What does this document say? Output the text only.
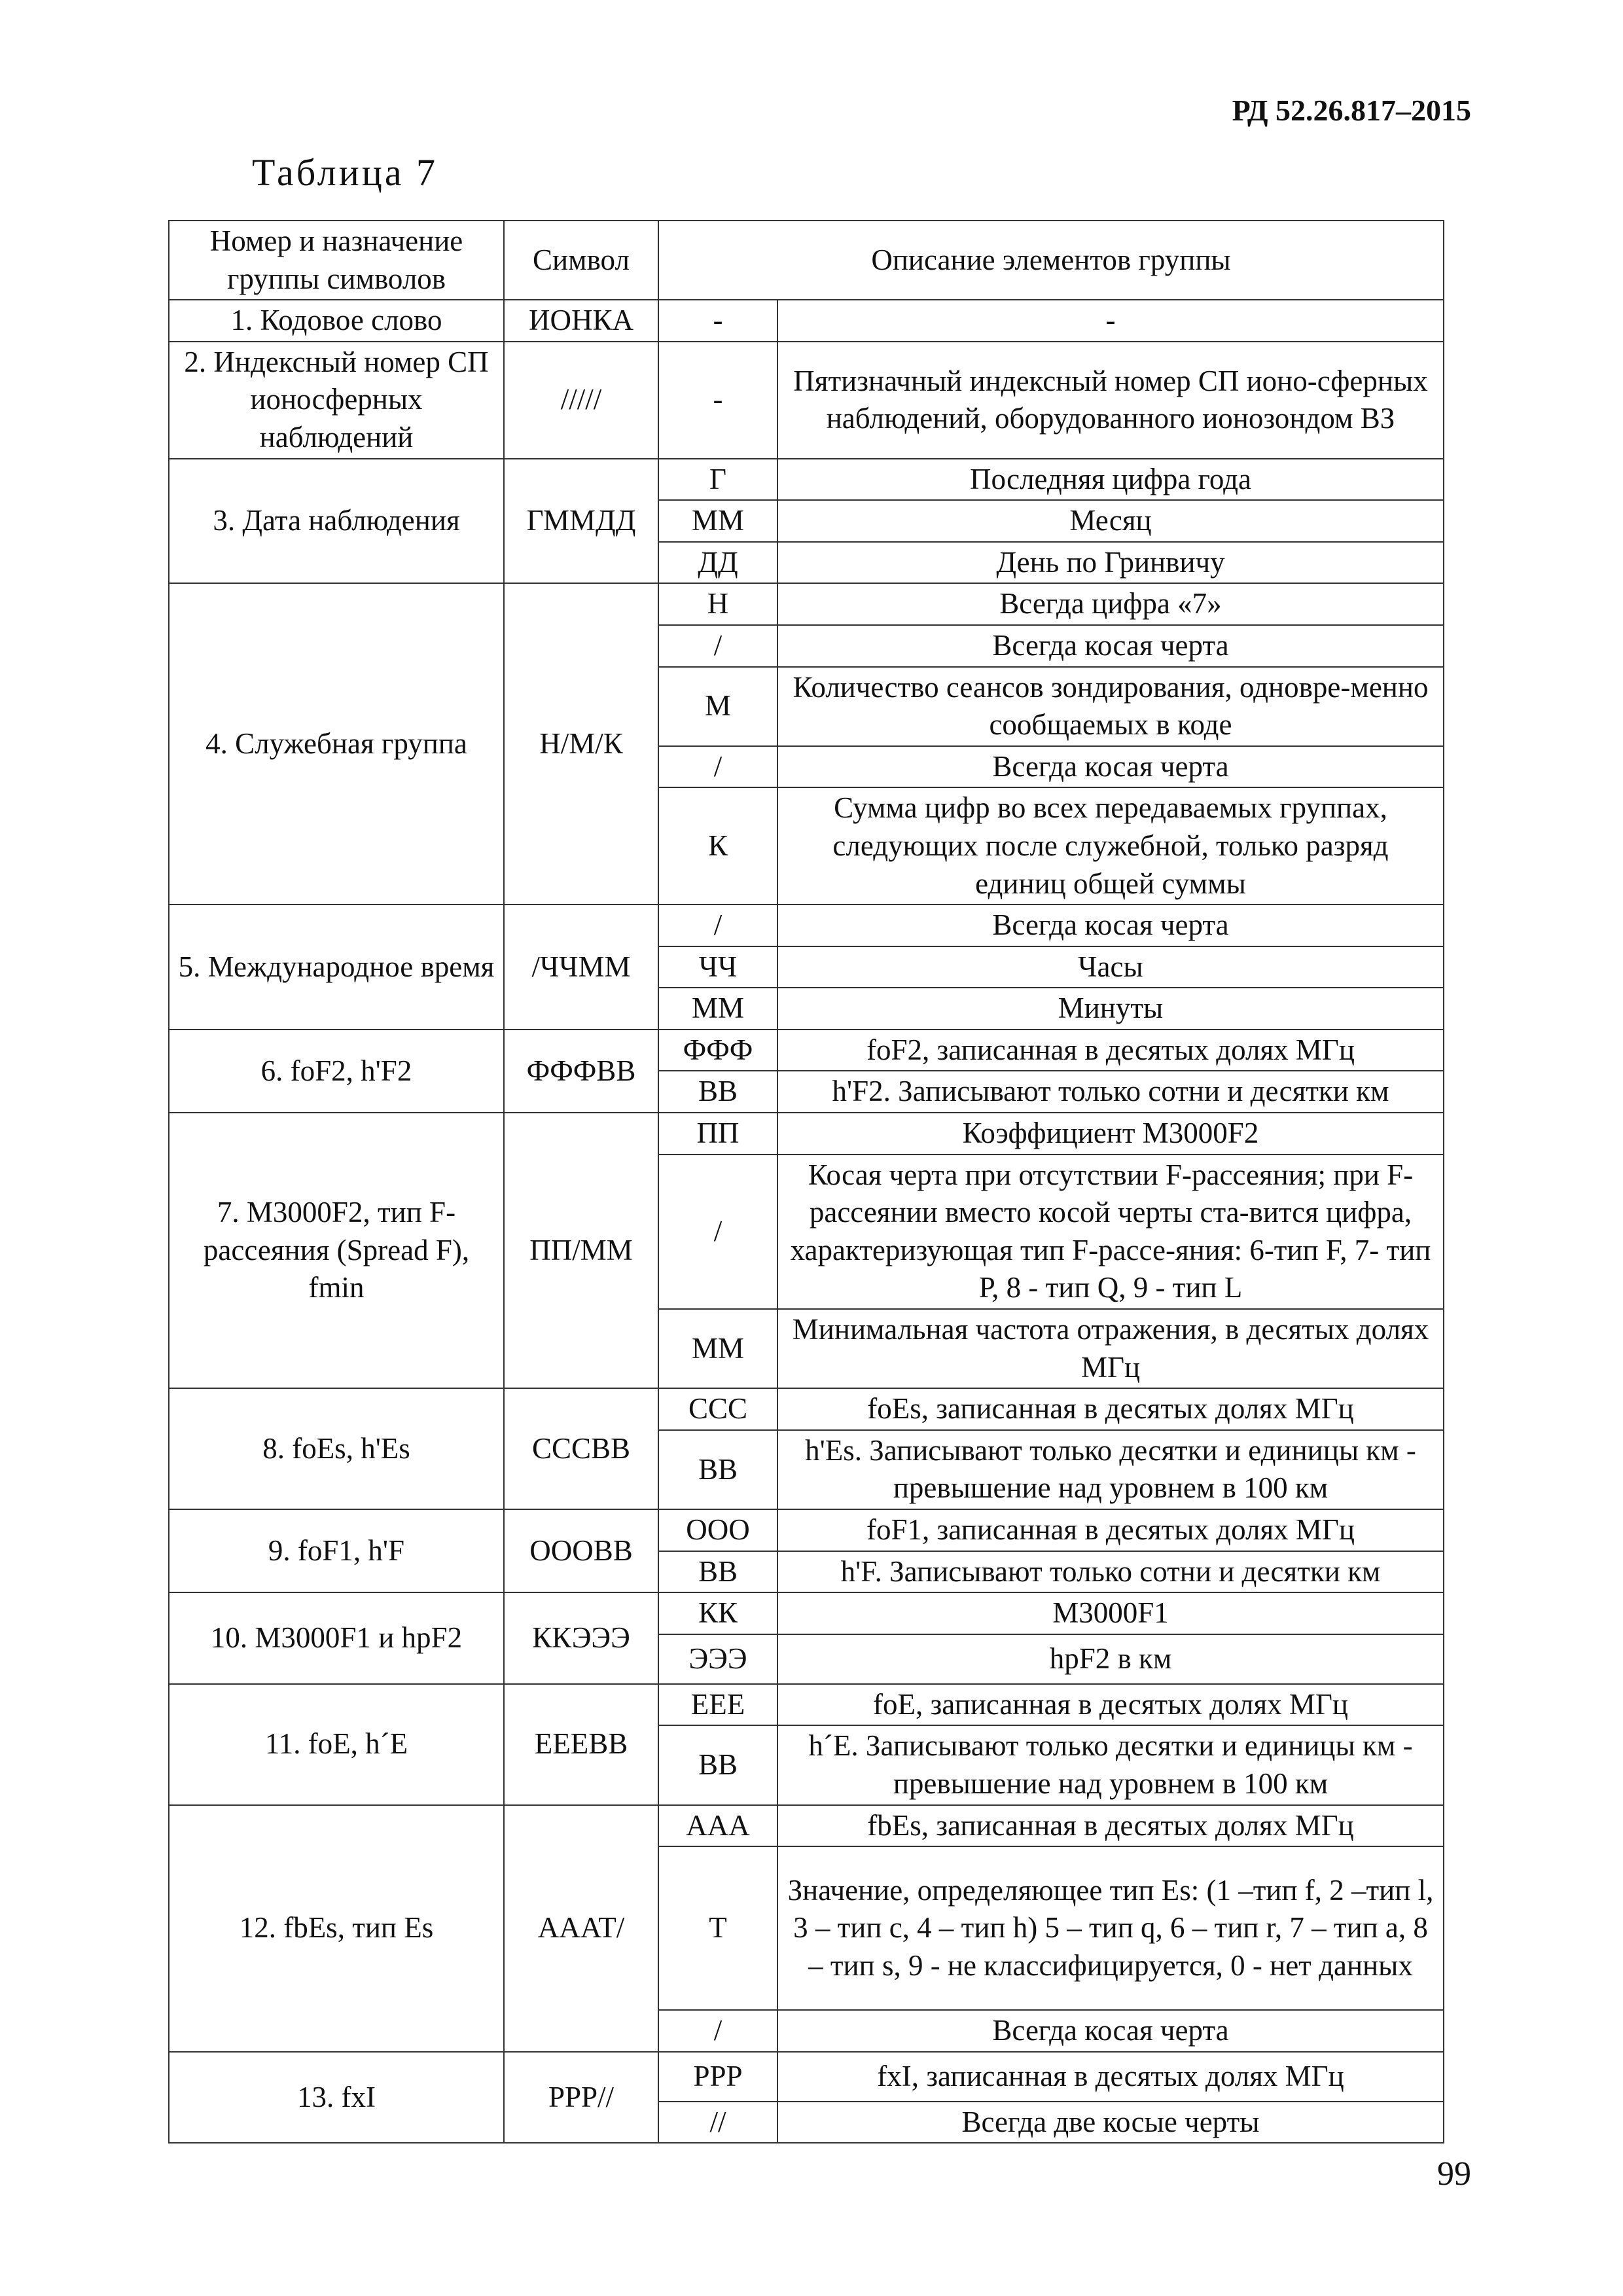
РД 52.26.817–2015
Таблица 7
Номер и назначение группы символов	Символ	Описание элементов группы	
1. Кодовое слово	ИОНКА	-	-
2. Индексный номер СП ионосферных наблюдений	/////	-	Пятизначный индексный номер СП ионо-сферных наблюдений, оборудованного ионозондом ВЗ
3. Дата наблюдения	ГММДД	Г	Последняя цифра года
		ММ	Месяц
		ДД	День по Гринвичу
4. Служебная группа	Н/М/К	Н	Всегда цифра «7»
		/	Всегда косая черта
		М	Количество сеансов зондирования, одновре-менно сообщаемых в коде
		/	Всегда косая черта
		К	Сумма цифр во всех передаваемых группах, следующих после служебной, только разряд единиц общей суммы
5. Международное время	/ЧЧММ	/	Всегда косая черта
		ЧЧ	Часы
		ММ	Минуты
6. foF2, h'F2	ФФФВВ	ФФФ	foF2, записанная в десятых долях МГц
		ВВ	h'F2. Записывают только сотни и десятки км
7. М3000F2, тип F-рассеяния (Spread F), fmin	ПП/ММ	ПП	Коэффициент М3000F2
		/	Косая черта при отсутствии F-рассеяния; при F-рассеянии вместо косой черты ста-вится цифра, характеризующая тип F-рассе-яния: 6-тип F, 7- тип Р, 8 - тип Q, 9 - тип L
		ММ	Минимальная частота отражения, в десятых долях МГц
8. foEs, h'Es	СССВВ	ССС	foEs, записанная в десятых долях МГц
		ВВ	h'Es. Записывают только десятки и единицы км - превышение над уровнем в 100 км
9. foF1, h'F	OOOBB	OOO	foF1, записанная в десятых долях МГц
		ВВ	h'F. Записывают только сотни и десятки км
10. М3000F1 и hpF2	ККЭЭЭ	КК	М3000F1
		ЭЭЭ	hpF2 в км
11. foE, h´E	EEEBB	EEE	foE, записанная в десятых долях МГц
		ВВ	h´E. Записывают только десятки и единицы км - превышение над уровнем в 100 км
12. fbEs, тип Es	AAAT/	AAA	fbEs, записанная в десятых долях МГц
		Т	Значение, определяющее тип Es: (1 –тип f, 2 –тип l, 3 – тип c, 4 – тип h) 5 – тип q, 6 – тип r, 7 – тип a, 8 – тип s, 9 - не классифицируется, 0 - нет данных
		/	Всегда косая черта
13. fxI	PPP//	PPP	fxI, записанная в десятых долях МГц
		//	Всегда две косые черты
99
